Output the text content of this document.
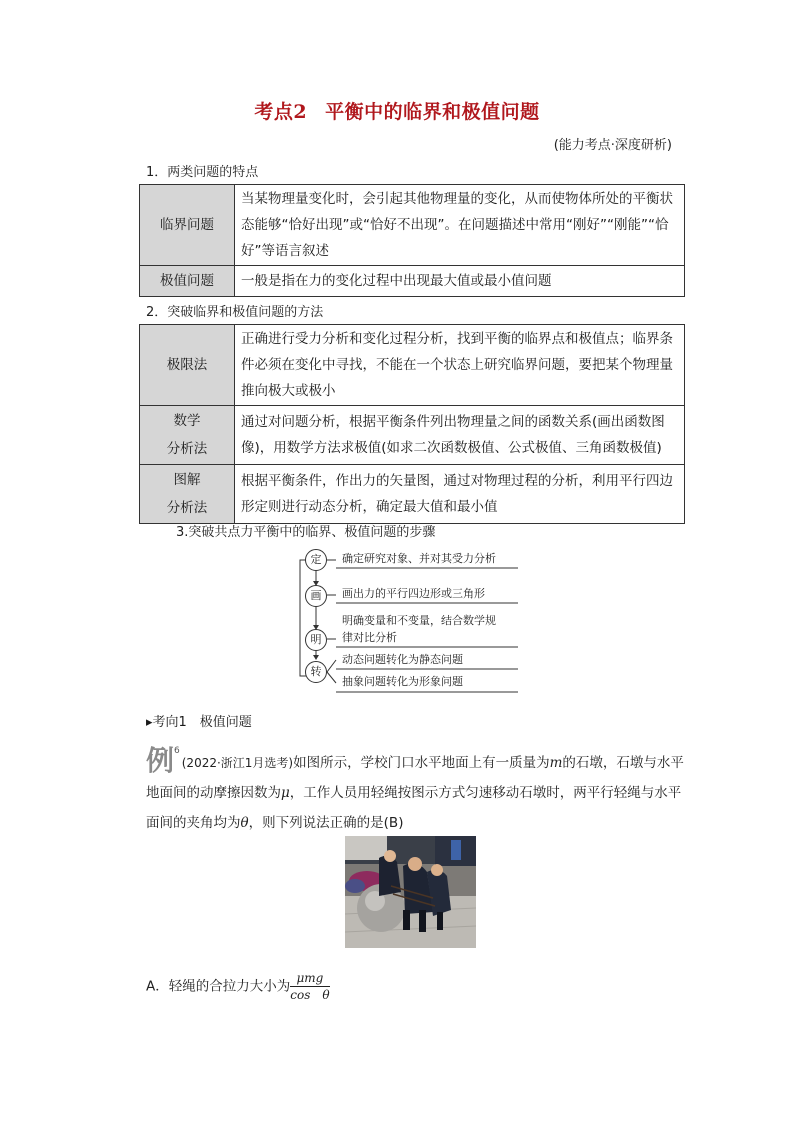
考点2 平衡中的临界和极值问题
(能力考点·深度研析)
1．两类问题的特点
临界问题	当某物理量变化时，会引起其他物理量的变化，从而使物体所处的平衡状态能够“恰好出现”或“恰好不出现”。在问题描述中常用“刚好”“刚能”“恰好”等语言叙述
极值问题	一般是指在力的变化过程中出现最大值或最小值问题
2．突破临界和极值问题的方法
极限法	正确进行受力分析和变化过程分析，找到平衡的临界点和极值点；临界条件必须在变化中寻找，不能在一个状态上研究临界问题，要把某个物理量推向极大或极小

数学
分析法	通过对问题分析，根据平衡条件列出物理量之间的函数关系(画出函数图像)，用数学方法求极值(如求二次函数极值、公式极值、三角函数极值)

图解
分析法	根据平衡条件，作出力的矢量图，通过对物理过程的分析，利用平行四边形定则进行动态分析，确定最大值和最小值
3.突破共点力平衡中的临界、极值问题的步骤
定
画
明
转
确定研究对象、并对其受力分析
画出力的平行四边形或三角形
明确变量和不变量，结合数学规
律对比分析
动态问题转化为静态问题
抽象问题转化为形象问题
▸考向1　极值问题
例$^6$(2022·浙江1月选考)如图所示，学校门口水平地面上有一质量为m的石墩，石墩与水平地面间的动摩擦因数为μ，工作人员用轻绳按图示方式匀速移动石墩时，两平行轻绳与水平面间的夹角均为θ，则下列说法正确的是(B)
A．轻绳的合拉力大小为 $\frac{\text{μmg}}{\text{cos　θ}}$
